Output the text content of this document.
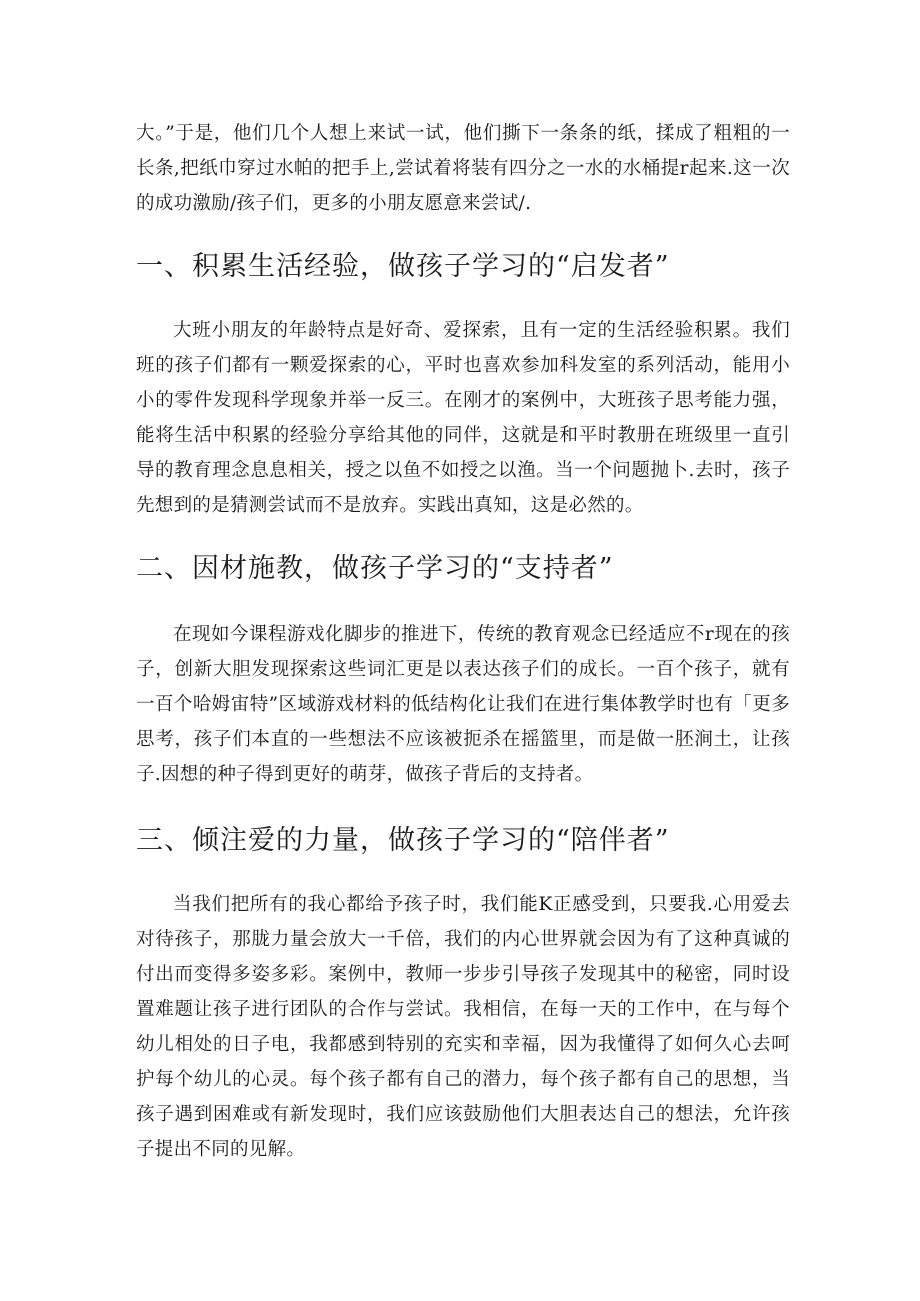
大。”于是，他们几个人想上来试一试，他们撕下一条条的纸，揉成了粗粗的一长条,把纸巾穿过水帕的把手上,尝试着将装有四分之一水的水桶提r起来.这一次的成功激励/孩子们，更多的小朋友愿意来尝试/.

一、积累生活经验，做孩子学习的“启发者”

大班小朋友的年龄特点是好奇、爱探索，且有一定的生活经验积累。我们班的孩子们都有一颗爱探索的心，平时也喜欢参加科发室的系列活动，能用小小的零件发现科学现象并举一反三。在刚才的案例中，大班孩子思考能力强，能将生活中积累的经验分享给其他的同伴，这就是和平时教册在班级里一直引导的教育理念息息相关，授之以鱼不如授之以渔。当一个问题抛卜.去时，孩子先想到的是猜测尝试而不是放弃。实践出真知，这是必然的。

二、因材施教，做孩子学习的“支持者”

在现如今课程游戏化脚步的推进下，传统的教育观念已经适应不r现在的孩子，创新大胆发现探索这些词汇更是以表达孩子们的成长。一百个孩子，就有一百个哈姆宙特”区域游戏材料的低结构化让我们在进行集体教学时也有「更多思考，孩子们本直的一些想法不应该被扼杀在摇篮里，而是做一胚涧土，让孩子.因想的种子得到更好的萌芽，做孩子背后的支持者。

三、倾注爱的力量，做孩子学习的“陪伴者”

当我们把所有的我心都给予孩子时，我们能K正感受到，只要我.心用爱去对待孩子，那胧力量会放大一千倍，我们的内心世界就会因为有了这种真诚的付出而变得多姿多彩。案例中，教师一步步引导孩子发现其中的秘密，同时设置难题让孩子进行团队的合作与尝试。我相信，在每一天的工作中，在与每个幼儿相处的日子电，我都感到特别的充实和幸福，因为我懂得了如何久心去呵护每个幼儿的心灵。每个孩子都有自己的潜力，每个孩子都有自己的思想，当孩子遇到困难或有新发现时，我们应该鼓励他们大胆表达自己的想法，允许孩子提出不同的见解。
